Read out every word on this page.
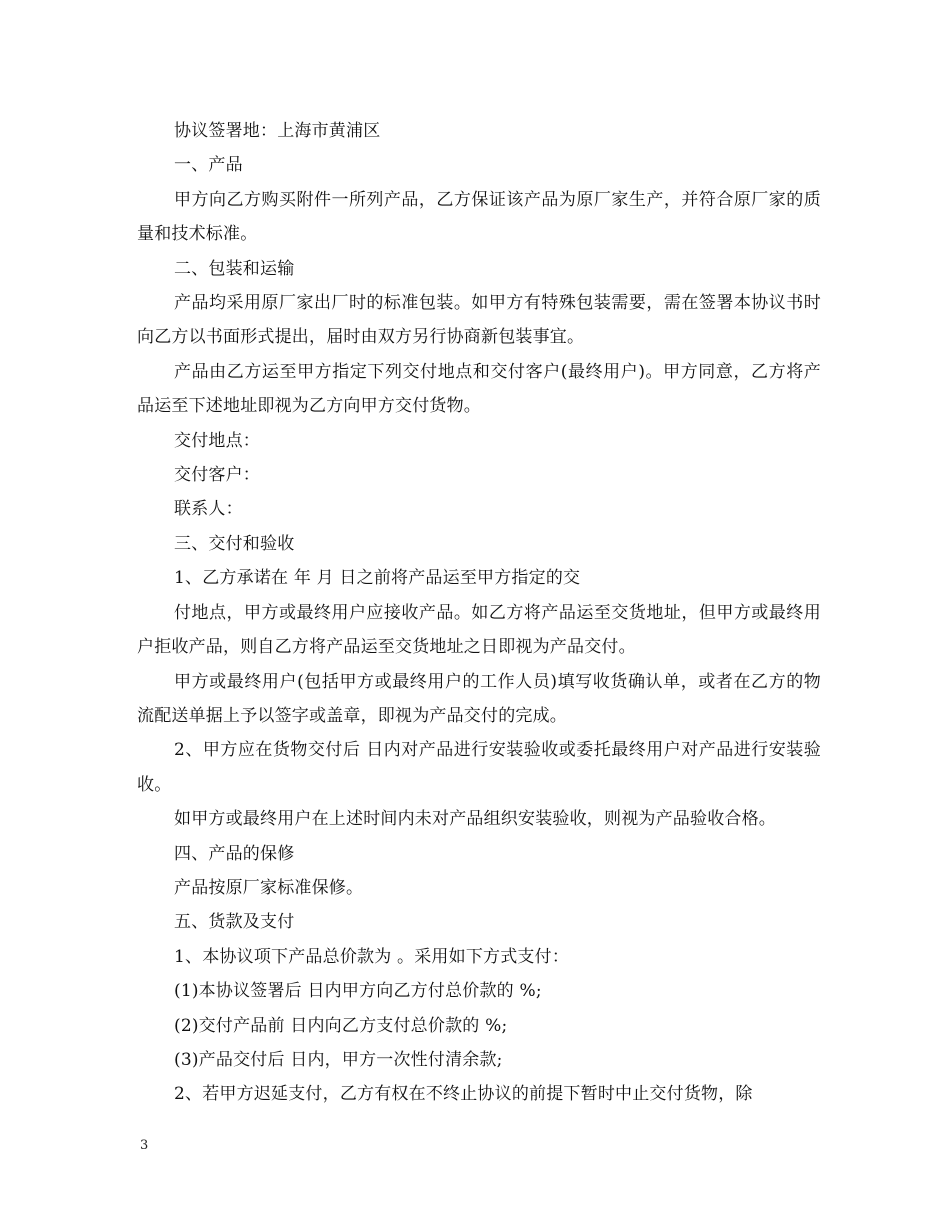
协议签署地：上海市黄浦区

一、产品

甲方向乙方购买附件一所列产品，乙方保证该产品为原厂家生产，并符合原厂家的质量和技术标准。

二、包装和运输

产品均采用原厂家出厂时的标准包装。如甲方有特殊包装需要，需在签署本协议书时向乙方以书面形式提出，届时由双方另行协商新包装事宜。

产品由乙方运至甲方指定下列交付地点和交付客户(最终用户)。甲方同意，乙方将产品运至下述地址即视为乙方向甲方交付货物。

交付地点：

交付客户：

联系人：

三、交付和验收

1、乙方承诺在 年 月 日之前将产品运至甲方指定的交

付地点，甲方或最终用户应接收产品。如乙方将产品运至交货地址，但甲方或最终用户拒收产品，则自乙方将产品运至交货地址之日即视为产品交付。

甲方或最终用户(包括甲方或最终用户的工作人员)填写收货确认单，或者在乙方的物流配送单据上予以签字或盖章，即视为产品交付的完成。

2、甲方应在货物交付后 日内对产品进行安装验收或委托最终用户对产品进行安装验收。

如甲方或最终用户在上述时间内未对产品组织安装验收，则视为产品验收合格。

四、产品的保修

产品按原厂家标准保修。

五、货款及支付

1、本协议项下产品总价款为 。采用如下方式支付：

(1)本协议签署后 日内甲方向乙方付总价款的 %;

(2)交付产品前 日内向乙方支付总价款的 %;

(3)产品交付后 日内，甲方一次性付清余款;

2、若甲方迟延支付，乙方有权在不终止协议的前提下暂时中止交付货物，除

3
